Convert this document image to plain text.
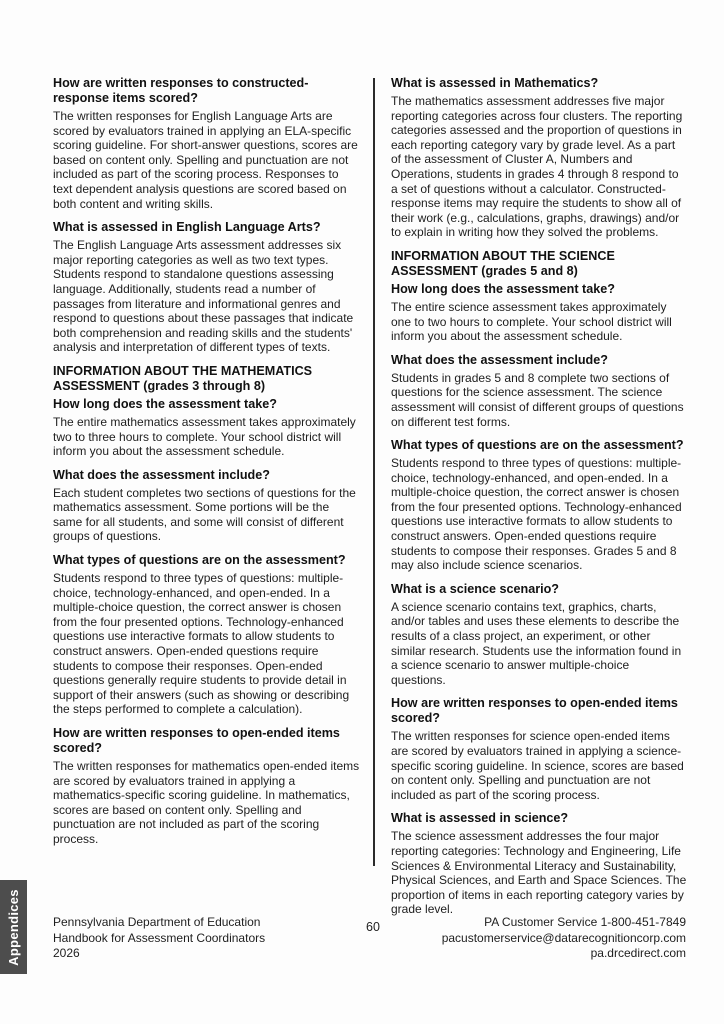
How are written responses to constructed-response items scored?
The written responses for English Language Arts are scored by evaluators trained in applying an ELA-specific scoring guideline. For short-answer questions, scores are based on content only. Spelling and punctuation are not included as part of the scoring process. Responses to text dependent analysis questions are scored based on both content and writing skills.
What is assessed in English Language Arts?
The English Language Arts assessment addresses six major reporting categories as well as two text types. Students respond to standalone questions assessing language. Additionally, students read a number of passages from literature and informational genres and respond to questions about these passages that indicate both comprehension and reading skills and the students' analysis and interpretation of different types of texts.
INFORMATION ABOUT THE MATHEMATICS ASSESSMENT (grades 3 through 8)
How long does the assessment take?
The entire mathematics assessment takes approximately two to three hours to complete. Your school district will inform you about the assessment schedule.
What does the assessment include?
Each student completes two sections of questions for the mathematics assessment. Some portions will be the same for all students, and some will consist of different groups of questions.
What types of questions are on the assessment?
Students respond to three types of questions: multiple-choice, technology-enhanced, and open-ended. In a multiple-choice question, the correct answer is chosen from the four presented options. Technology-enhanced questions use interactive formats to allow students to construct answers. Open-ended questions require students to compose their responses. Open-ended questions generally require students to provide detail in support of their answers (such as showing or describing the steps performed to complete a calculation).
How are written responses to open-ended items scored?
The written responses for mathematics open-ended items are scored by evaluators trained in applying a mathematics-specific scoring guideline. In mathematics, scores are based on content only. Spelling and punctuation are not included as part of the scoring process.
What is assessed in Mathematics?
The mathematics assessment addresses five major reporting categories across four clusters. The reporting categories assessed and the proportion of questions in each reporting category vary by grade level. As a part of the assessment of Cluster A, Numbers and Operations, students in grades 4 through 8 respond to a set of questions without a calculator. Constructed-response items may require the students to show all of their work (e.g., calculations, graphs, drawings) and/or to explain in writing how they solved the problems.
INFORMATION ABOUT THE SCIENCE ASSESSMENT (grades 5 and 8)
How long does the assessment take?
The entire science assessment takes approximately one to two hours to complete. Your school district will inform you about the assessment schedule.
What does the assessment include?
Students in grades 5 and 8 complete two sections of questions for the science assessment. The science assessment will consist of different groups of questions on different test forms.
What types of questions are on the assessment?
Students respond to three types of questions: multiple-choice, technology-enhanced, and open-ended. In a multiple-choice question, the correct answer is chosen from the four presented options. Technology-enhanced questions use interactive formats to allow students to construct answers. Open-ended questions require students to compose their responses. Grades 5 and 8 may also include science scenarios.
What is a science scenario?
A science scenario contains text, graphics, charts, and/or tables and uses these elements to describe the results of a class project, an experiment, or other similar research. Students use the information found in a science scenario to answer multiple-choice questions.
How are written responses to open-ended items scored?
The written responses for science open-ended items are scored by evaluators trained in applying a science-specific scoring guideline. In science, scores are based on content only. Spelling and punctuation are not included as part of the scoring process.
What is assessed in science?
The science assessment addresses the four major reporting categories: Technology and Engineering, Life Sciences & Environmental Literacy and Sustainability, Physical Sciences, and Earth and Space Sciences. The proportion of items in each reporting category varies by grade level.
Appendices	Pennsylvania Department of Education
Handbook for Assessment Coordinators
2026
60	PA Customer Service 1-800-451-7849
pacustomerservice@datarecognitioncorp.com
pa.drcedirect.com
